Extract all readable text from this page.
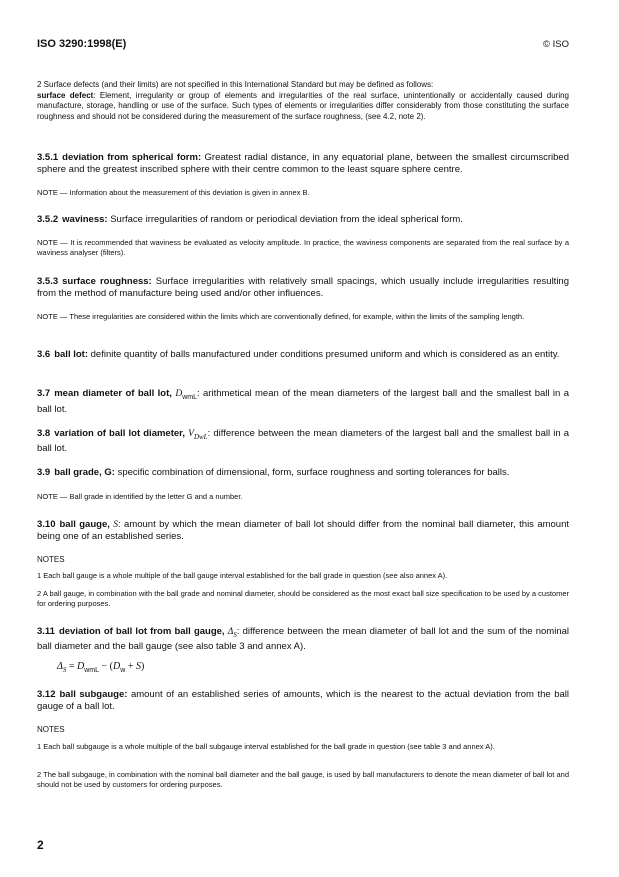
ISO 3290:1998(E)	© ISO
2 Surface defects (and their limits) are not specified in this International Standard but may be defined as follows:
surface defect: Element, irregularity or group of elements and irregularities of the real surface, unintentionally or accidentally caused during manufacture, storage, handling or use of the surface. Such types of elements or irregularities differ considerably from those constituting the surface roughness and should not be considered during the measurement of the surface roughness, (see 4.2, note 2).
3.5.1 deviation from spherical form: Greatest radial distance, in any equatorial plane, between the smallest circumscribed sphere and the greatest inscribed sphere with their centre common to the least square sphere centre.
NOTE — Information about the measurement of this deviation is given in annex B.
3.5.2 waviness: Surface irregularities of random or periodical deviation from the ideal spherical form.
NOTE — It is recommended that waviness be evaluated as velocity amplitude. In practice, the waviness components are separated from the real surface by a waviness analyser (filters).
3.5.3 surface roughness: Surface irregularities with relatively small spacings, which usually include irregularities resulting from the method of manufacture being used and/or other influences.
NOTE — These irregularities are considered within the limits which are conventionally defined, for example, within the limits of the sampling length.
3.6 ball lot: definite quantity of balls manufactured under conditions presumed uniform and which is considered as an entity.
3.7 mean diameter of ball lot, $D_{wmL}$: arithmetical mean of the mean diameters of the largest ball and the smallest ball in a ball lot.
3.8 variation of ball lot diameter, $V_{DwL}$: difference between the mean diameters of the largest ball and the smallest ball in a ball lot.
3.9 ball grade, G: specific combination of dimensional, form, surface roughness and sorting tolerances for balls.
NOTE — Ball grade in identified by the letter G and a number.
3.10 ball gauge, S: amount by which the mean diameter of ball lot should differ from the nominal ball diameter, this amount being one of an established series.
NOTES
1 Each ball gauge is a whole multiple of the ball gauge interval established for the ball grade in question (see also annex A).
2 A ball gauge, in combination with the ball grade and nominal diameter, should be considered as the most exact ball size specification to be used by a customer for ordering purposes.
3.11 deviation of ball lot from ball gauge, $\Delta_S$: difference between the mean diameter of ball lot and the sum of the nominal ball diameter and the ball gauge (see also table 3 and annex A).
$\Delta_S = D_{wmL} - (D_w + S)$
3.12 ball subgauge: amount of an established series of amounts, which is the nearest to the actual deviation from the ball gauge of a ball lot.
NOTES
1 Each ball subgauge is a whole multiple of the ball subgauge interval established for the ball grade in question (see table 3 and annex A).
2 The ball subgauge, in combination with the nominal ball diameter and the ball gauge, is used by ball manufacturers to denote the mean diameter of ball lot and should not be used by customers for ordering purposes.
2
